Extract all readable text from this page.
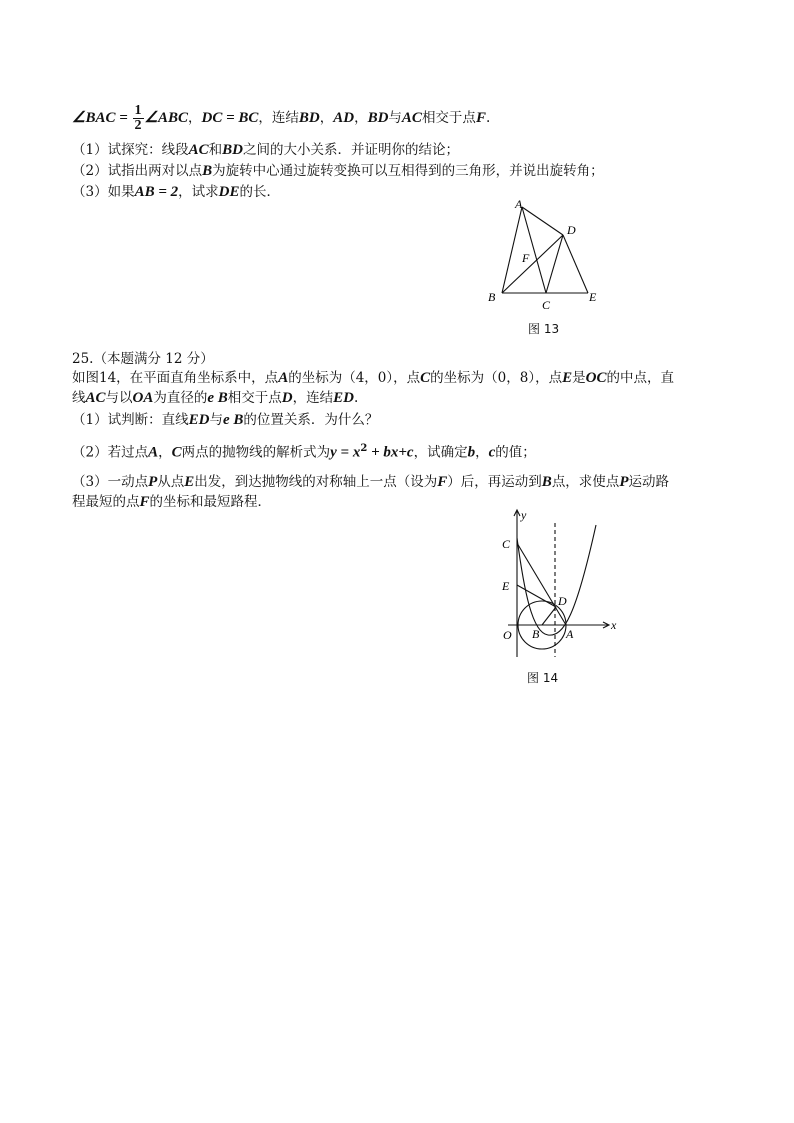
∠BAC = $\frac{1}{2}$ ∠ABC，DC = BC，连结BD，AD，BD与AC相交于点F.
（1）试探究：线段AC和BD之间的大小关系．并证明你的结论；
（2）试指出两对以点B为旋转中心通过旋转变换可以互相得到的三角形，并说出旋转角；
（3）如果AB = 2，试求DE的长．
A
D
F
B
C
E
图 13
25.（本题满分 12 分）
如图14，在平面直角坐标系中，点A的坐标为（4，0），点C的坐标为（0，8），点E是OC的中点，直
线AC与以OA为直径的e B相交于点D，连结ED.
（1）试判断：直线ED与e B的位置关系．为什么？
（2）若过点A，C两点的抛物线的解析式为$y = x^2 + bx+c$，试确定b，c的值；
（3）一动点P从点E出发，到达抛物线的对称轴上一点（设为F）后，再运动到B点，求使点P运动路
程最短的点F的坐标和最短路程．
y
C
E
D
O B A
x
图 14
